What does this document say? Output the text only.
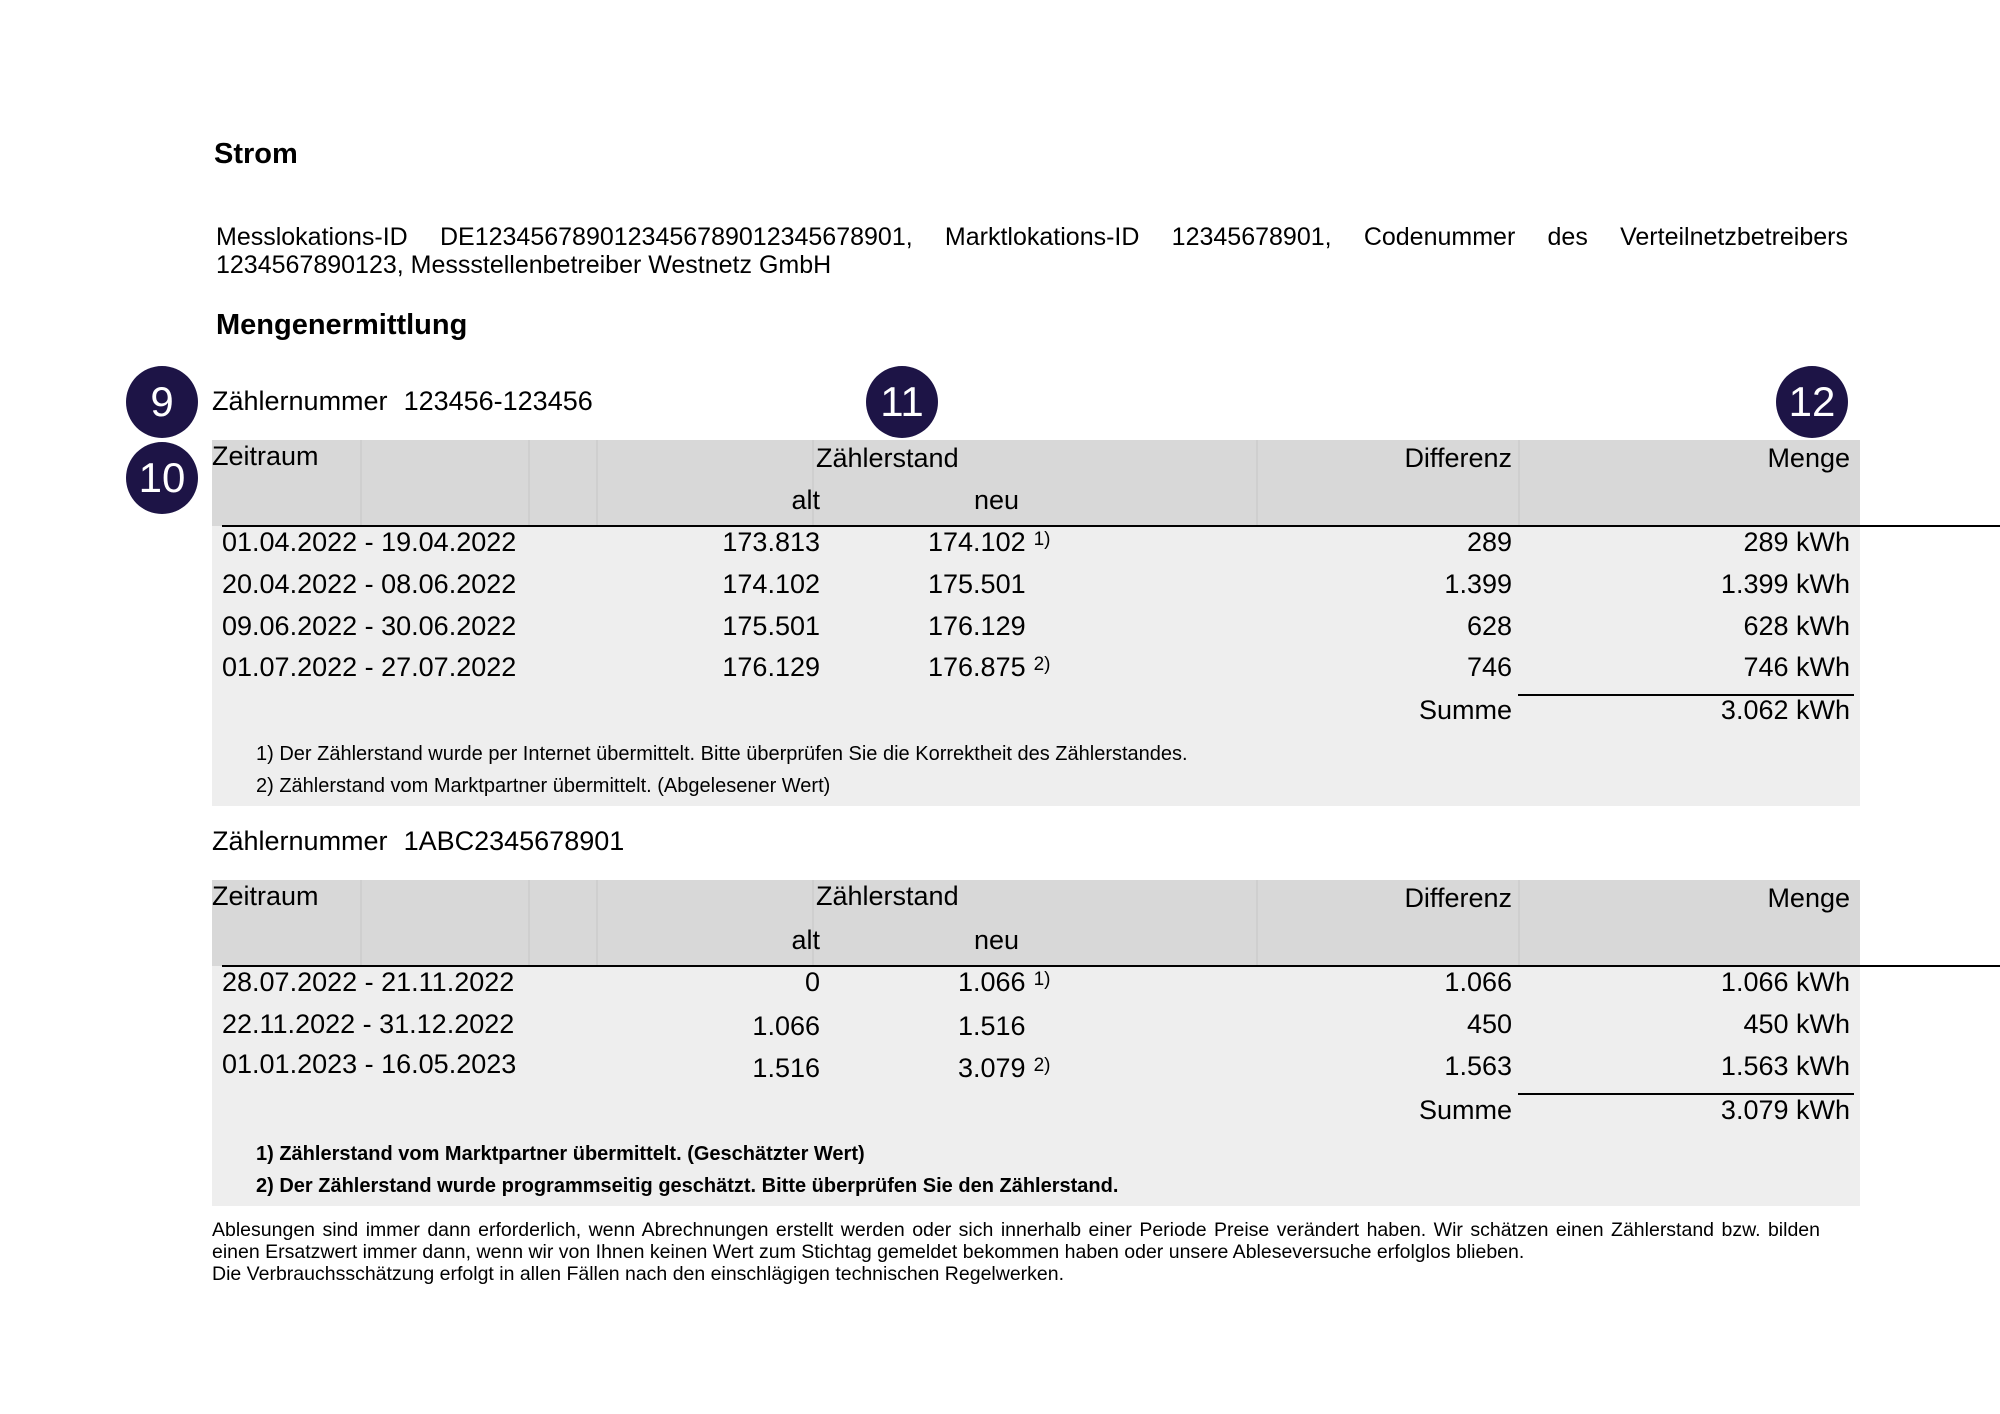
Strom
Messlokations-ID DE1234567890123456789012345678901, Marktlokations-ID 12345678901, Codenummer des Verteilnetzbetreibers 1234567890123, Messstellenbetreiber Westnetz GmbH
Mengenermittlung
9
10
11	12
Zählernummer 123456-123456
Zeitraum	Zählerstand	Differenz	Menge
alt	neu
01.04.2022 - 19.04.2022	173.813	174.102 $^{1)}$	289	289 kWh
20.04.2022 - 08.06.2022	174.102	175.501	1.399	1.399 kWh
09.06.2022 - 30.06.2022	175.501	176.129	628	628 kWh
01.07.2022 - 27.07.2022	176.129	176.875 $^{2)}$	746	746 kWh
Summe	3.062 kWh
1) Der Zählerstand wurde per Internet übermittelt. Bitte überprüfen Sie die Korrektheit des Zählerstandes.
2) Zählerstand vom Marktpartner übermittelt. (Abgelesener Wert)
Zählernummer 1ABC2345678901
Zeitraum	Zählerstand	Differenz	Menge
alt	neu
28.07.2022 - 21.11.2022	0	1.066 $^{1)}$	1.066	1.066 kWh
22.11.2022 - 31.12.2022	1.066	1.516	450	450 kWh
01.01.2023 - 16.05.2023	1.516	3.079 $^{2)}$	1.563	1.563 kWh
Summe	3.079 kWh
1) Zählerstand vom Marktpartner übermittelt. (Geschätzter Wert)
2) Der Zählerstand wurde programmseitig geschätzt. Bitte überprüfen Sie den Zählerstand.
Ablesungen sind immer dann erforderlich, wenn Abrechnungen erstellt werden oder sich innerhalb einer Periode Preise verändert haben. Wir schätzen einen Zählerstand bzw. bilden einen Ersatzwert immer dann, wenn wir von Ihnen keinen Wert zum Stichtag gemeldet bekommen haben oder unsere Ableseversuche erfolglos blieben.
Die Verbrauchsschätzung erfolgt in allen Fällen nach den einschlägigen technischen Regelwerken.
